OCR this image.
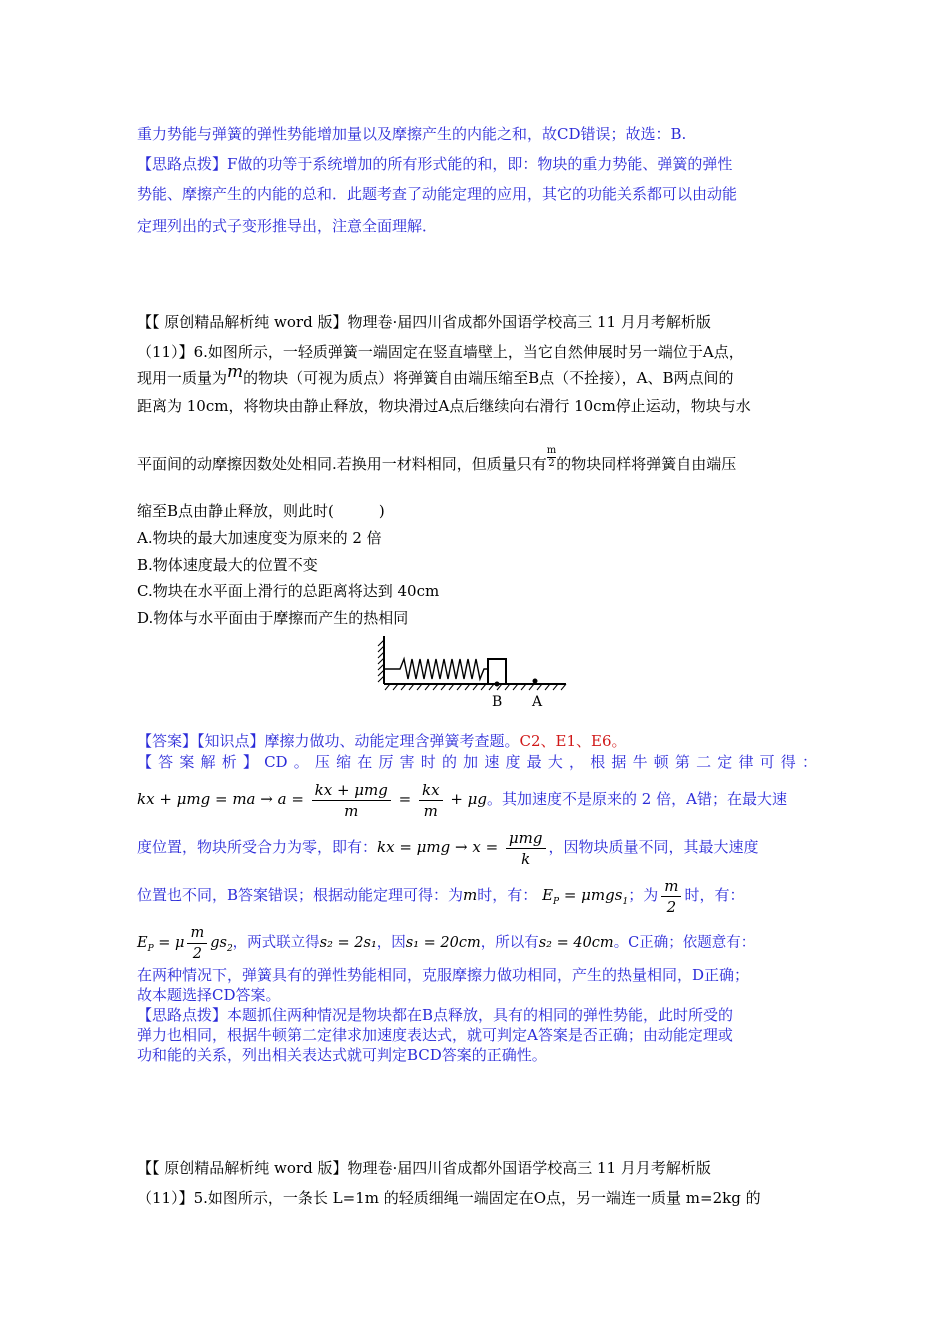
重力势能与弹簧的弹性势能增加量以及摩擦产生的内能之和，故CD错误；故选：B.
【思路点拨】F做的功等于系统增加的所有形式能的和，即：物块的重力势能、弹簧的弹性
势能、摩擦产生的内能的总和．此题考查了动能定理的应用，其它的功能关系都可以由动能
定理列出的式子变形推导出，注意全面理解．
【【 原创精品解析纯 word 版】物理卷·届四川省成都外国语学校高三 11 月月考解析版
（11）】6.如图所示，一轻质弹簧一端固定在竖直墙壁上，当它自然伸展时另一端位于A点，
现用一质量为m的物块（可视为质点）将弹簧自由端压缩至B点（不拴接），A、B两点间的
距离为 10cm，将物块由静止释放，物块滑过A点后继续向右滑行 10cm停止运动，物块与水
平面间的动摩擦因数处处相同.若换用一材料相同，但质量只有 $\frac{m}{2}$ 的物块同样将弹簧自由端压
缩至B点由静止释放，则此时(　　　)
A.物块的最大加速度变为原来的 2 倍
B.物体速度最大的位置不变
C.物块在水平面上滑行的总距离将达到 40cm
D.物体与水平面由于摩擦而产生的热相同
B A
【答案】【知识点】摩擦力做功、动能定理含弹簧考查题。C2、E1、E6。
【答案解析】CD。压缩在厉害时的加速度最大，根据牛顿第二定律可得：
kx + μmg = ma → $a = \frac{\text{kx + μmg}}{m} = \frac{kx}{m} + \mu g$。其加速度不是原来的 2 倍，A错；在最大速
度位置，物块所受合力为零，即有：kx = $\mu mg \to x = \frac{\text{μmg}}{k}$ ，因物块质量不同，其最大速度
位置也不同，B答案错误；根据动能定理可得：为m时，有： $E_P = \mu mgs_1$；为 $\frac{m}{2}$ 时，有：
$E_P = \mu \frac{m}{2} gs_2$，两式联立得s₂ = 2s₁，因s₁ = 20cm，所以有s₂ = 40cm。C正确；依题意有：
在两种情况下，弹簧具有的弹性势能相同，克服摩擦力做功相同，产生的热量相同，D正确；
故本题选择CD答案。
【思路点拨】本题抓住两种情况是物块都在B点释放，具有的相同的弹性势能，此时所受的
弹力也相同，根据牛顿第二定律求加速度表达式，就可判定A答案是否正确；由动能定理或
功和能的关系，列出相关表达式就可判定BCD答案的正确性。
【【 原创精品解析纯 word 版】物理卷·届四川省成都外国语学校高三 11 月月考解析版
（11）】5.如图所示，一条长 L=1m 的轻质细绳一端固定在O点，另一端连一质量 m=2kg 的
